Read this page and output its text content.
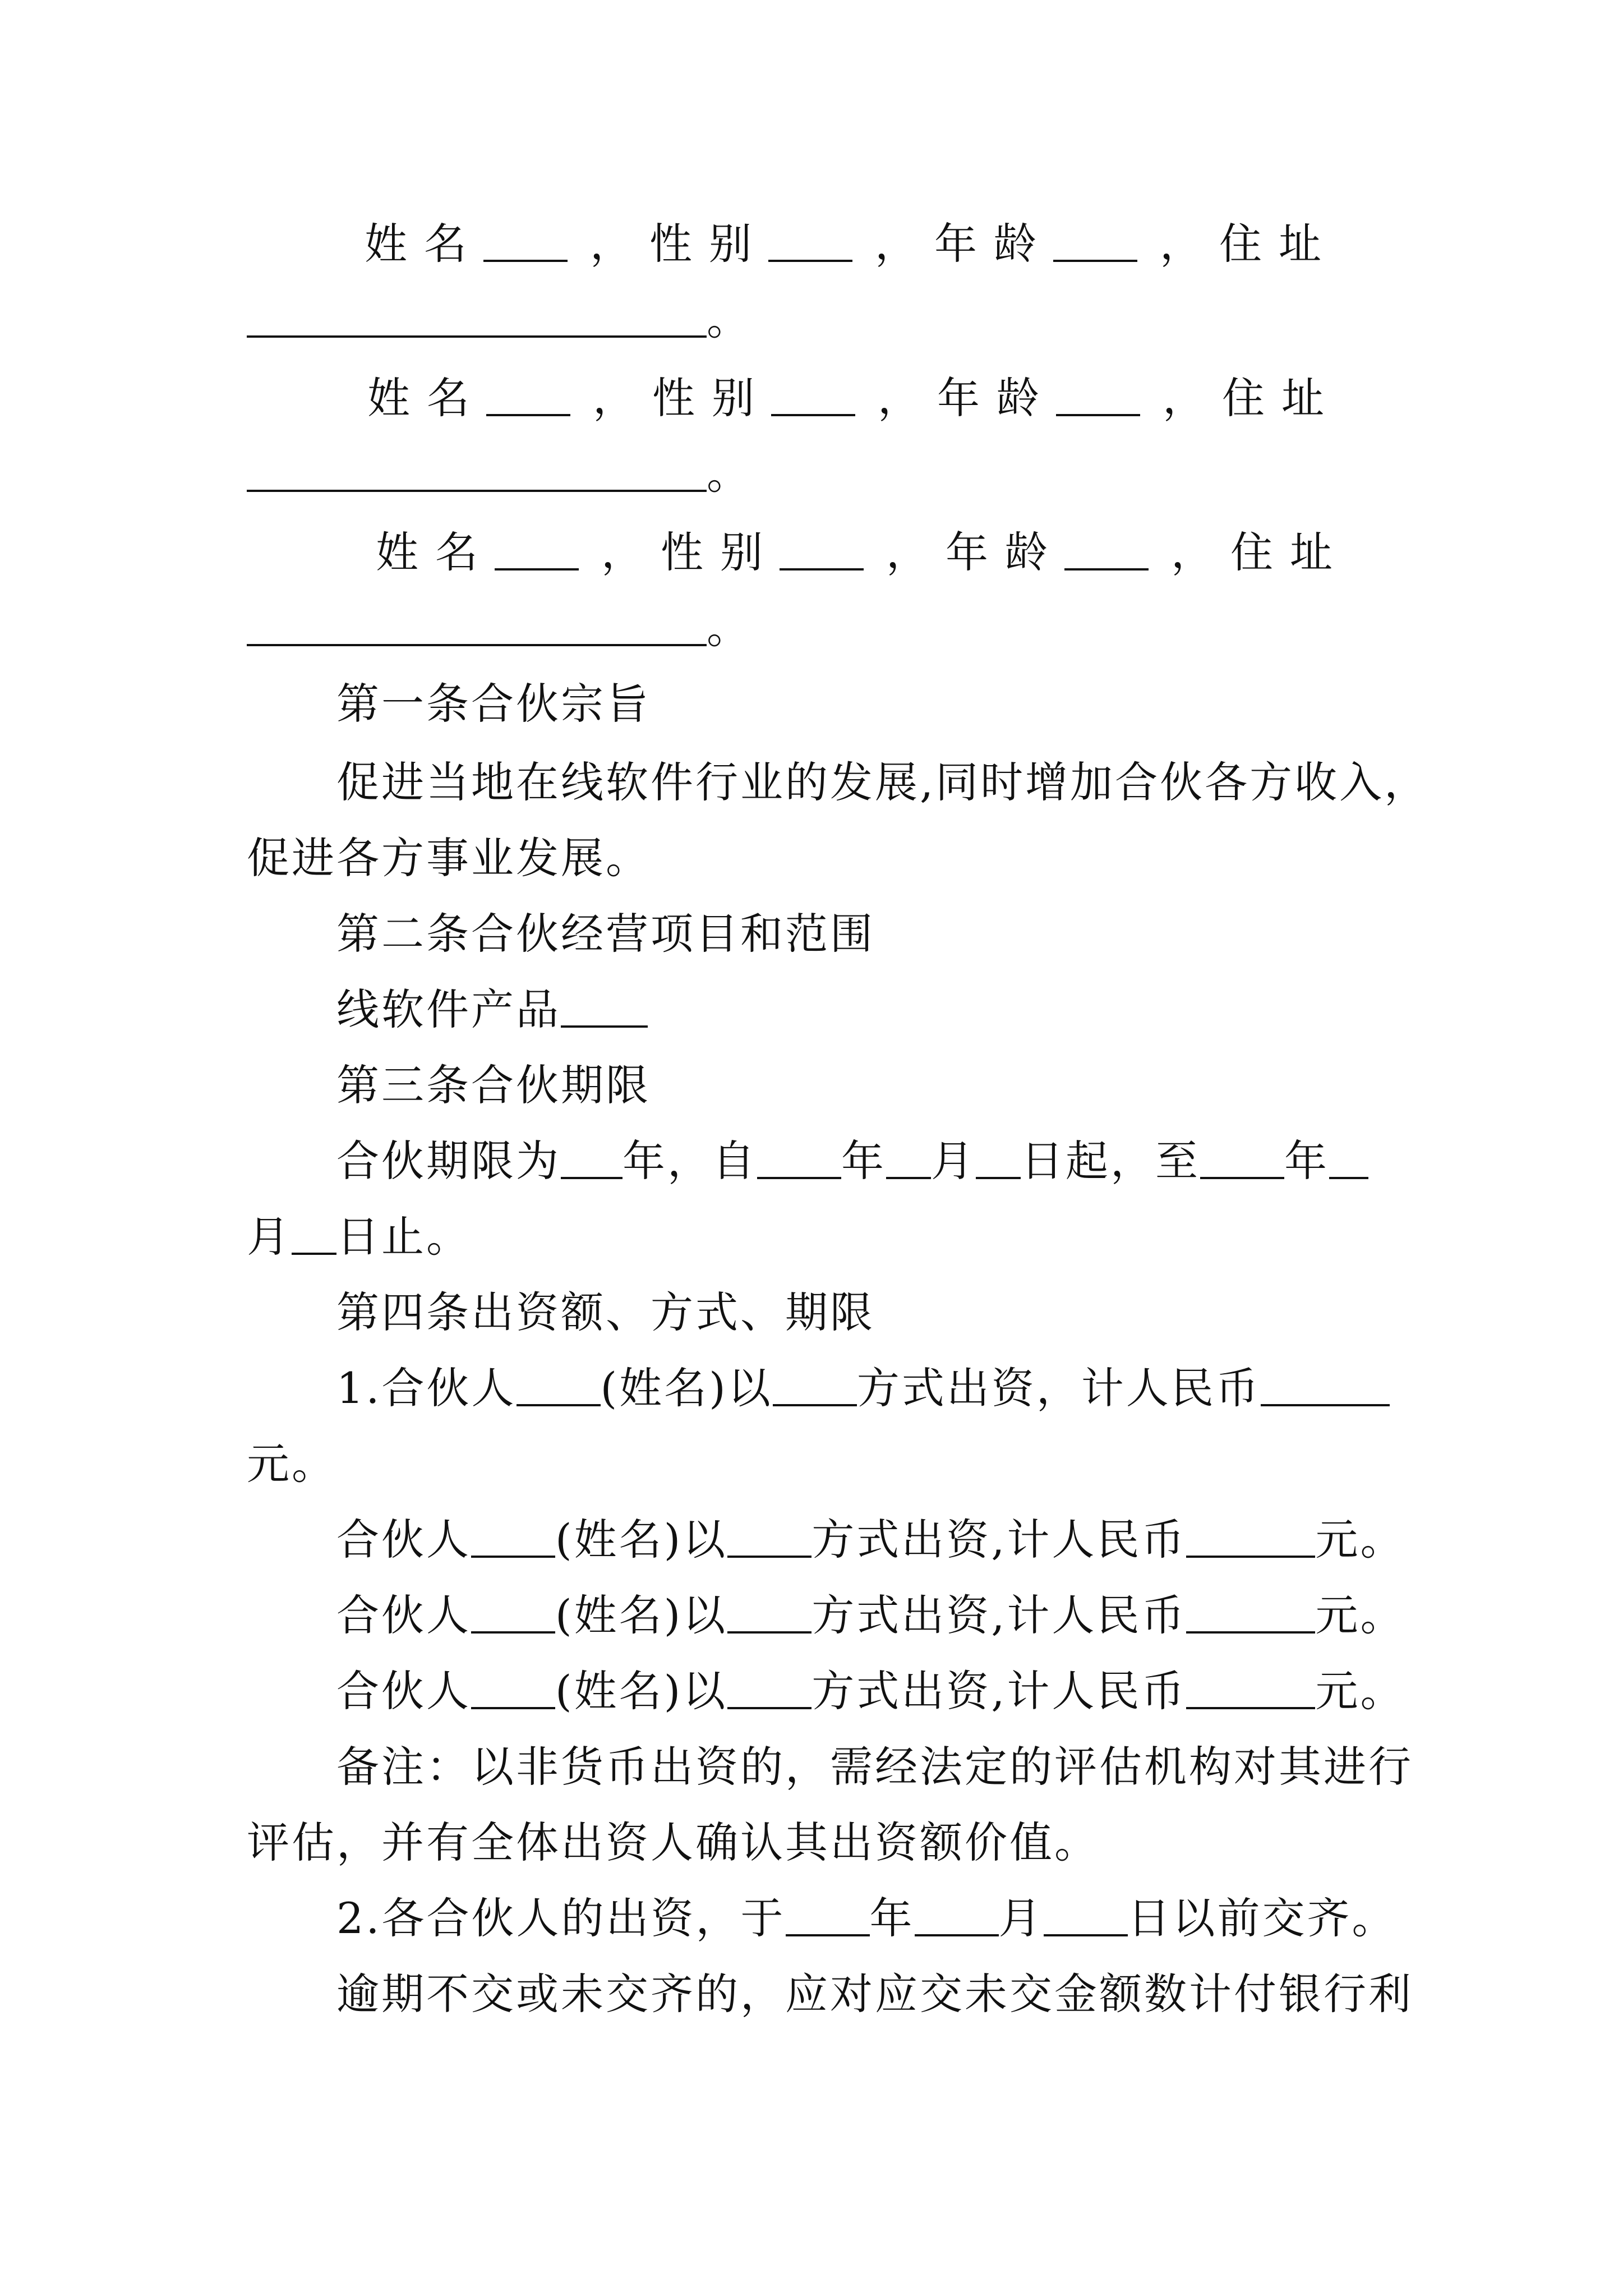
姓名	，性别	，年龄	，住址
。
姓名	，性别	，年龄	，住址
。
姓名	，性别	，年龄	，住址
。
第一条合伙宗旨
促进当地在线软件行业的发展,同时增加合伙各方收入，
促进各方事业发展。
第二条合伙经营项目和范围
线软件产品
第三条合伙期限
合伙期限为 年，自 年 月 日起，至 年
月 日止。
第四条出资额、方式、期限
1.合伙人 (姓名)以 方式出资，计人民币
元。
合伙人 (姓名)以 方式出资,计人民币	元。
合伙人 (姓名)以 方式出资,计人民币	元。
合伙人 (姓名)以 方式出资,计人民币	元。
备注：以非货币出资的，需经法定的评估机构对其进行
评估，并有全体出资人确认其出资额价值。
2.各合伙人的出资，于 年 月 日以前交齐。
逾期不交或未交齐的，应对应交未交金额数计付银行利
